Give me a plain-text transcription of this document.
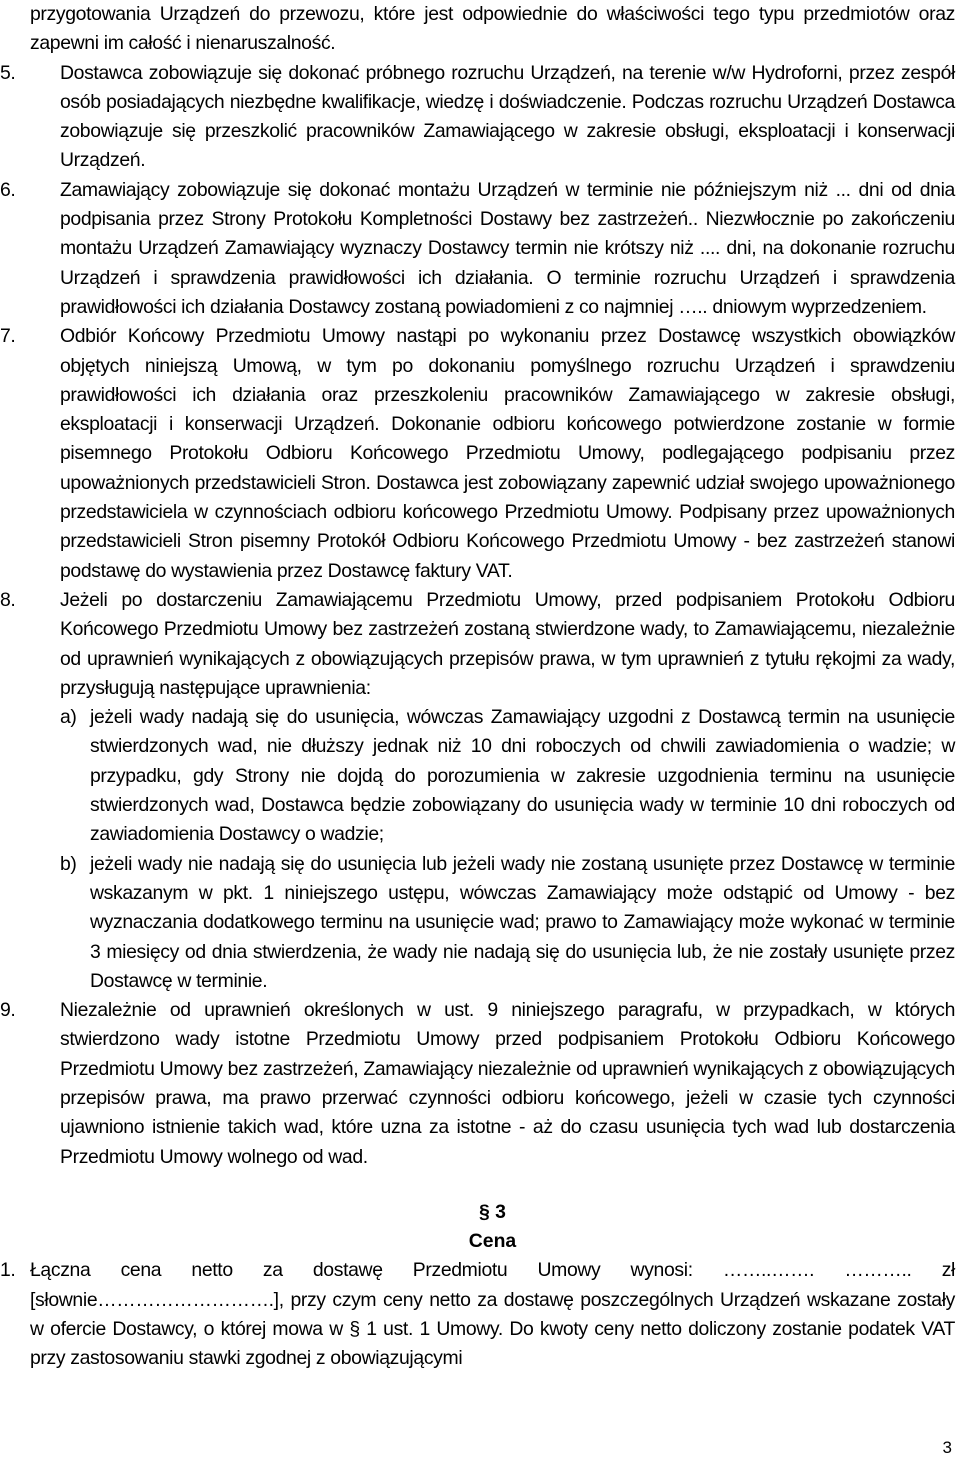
przygotowania Urządzeń do przewozu, które jest odpowiednie do właściwości tego typu przedmiotów oraz zapewni im całość i nienaruszalność.

5.	Dostawca zobowiązuje się dokonać próbnego rozruchu Urządzeń, na terenie w/w Hydroforni, przez zespół osób posiadających niezbędne kwalifikacje, wiedzę i doświadczenie. Podczas rozruchu Urządzeń Dostawca zobowiązuje się przeszkolić pracowników Zamawiającego w zakresie obsługi, eksploatacji i konserwacji Urządzeń.
6.	Zamawiający zobowiązuje się dokonać montażu Urządzeń w terminie nie późniejszym niż ... dni od dnia podpisania przez Strony Protokołu Kompletności Dostawy bez zastrzeżeń.. Niezwłocznie po zakończeniu montażu Urządzeń Zamawiający wyznaczy Dostawcy termin nie krótszy niż .... dni, na dokonanie rozruchu Urządzeń i sprawdzenia prawidłowości ich działania. O terminie rozruchu Urządzeń i sprawdzenia prawidłowości ich działania Dostawcy zostaną powiadomieni z co najmniej ….. dniowym wyprzedzeniem.
7.	Odbiór Końcowy Przedmiotu Umowy nastąpi po wykonaniu przez Dostawcę wszystkich obowiązków objętych niniejszą Umową, w tym po dokonaniu pomyślnego rozruchu Urządzeń i sprawdzeniu prawidłowości ich działania oraz przeszkoleniu pracowników Zamawiającego w zakresie obsługi, eksploatacji i konserwacji Urządzeń. Dokonanie odbioru końcowego potwierdzone zostanie w formie pisemnego Protokołu Odbioru Końcowego Przedmiotu Umowy, podlegającego podpisaniu przez upoważnionych przedstawicieli Stron. Dostawca jest zobowiązany zapewnić udział swojego upoważnionego przedstawiciela w czynnościach odbioru końcowego Przedmiotu Umowy. Podpisany przez upoważnionych przedstawicieli Stron pisemny Protokół Odbioru Końcowego Przedmiotu Umowy - bez zastrzeżeń stanowi podstawę do wystawienia przez Dostawcę faktury VAT.
8.	Jeżeli po dostarczeniu Zamawiającemu Przedmiotu Umowy, przed podpisaniem Protokołu Odbioru Końcowego Przedmiotu Umowy bez zastrzeżeń zostaną stwierdzone wady, to Zamawiającemu, niezależnie od uprawnień wynikających z obowiązujących przepisów prawa, w tym uprawnień z tytułu rękojmi za wady, przysługują następujące uprawnienia:

a) jeżeli wady nadają się do usunięcia, wówczas Zamawiający uzgodni z Dostawcą termin na usunięcie stwierdzonych wad, nie dłuższy jednak niż 10 dni roboczych od chwili zawiadomienia o wadzie; w przypadku, gdy Strony nie dojdą do porozumienia w zakresie uzgodnienia terminu na usunięcie stwierdzonych wad, Dostawca będzie zobowiązany do usunięcia wady w terminie 10 dni roboczych od zawiadomienia Dostawcy o wadzie;
b) jeżeli wady nie nadają się do usunięcia lub jeżeli wady nie zostaną usunięte przez Dostawcę w terminie wskazanym w pkt. 1 niniejszego ustępu, wówczas Zamawiający może odstąpić od Umowy - bez wyznaczania dodatkowego terminu na usunięcie wad; prawo to Zamawiający może wykonać w terminie 3 miesięcy od dnia stwierdzenia, że wady nie nadają się do usunięcia lub, że nie zostały usunięte przez Dostawcę w terminie.
9.	Niezależnie od uprawnień określonych w ust. 9 niniejszego paragrafu, w przypadkach, w których stwierdzono wady istotne Przedmiotu Umowy przed podpisaniem Protokołu Odbioru Końcowego Przedmiotu Umowy bez zastrzeżeń, Zamawiający niezależnie od uprawnień wynikających z obowiązujących przepisów prawa, ma prawo przerwać czynności odbioru końcowego, jeżeli w czasie tych czynności ujawniono istnienie takich wad, które uzna za istotne - aż do czasu usunięcia tych wad lub dostarczenia Przedmiotu Umowy wolnego od wad.

§ 3

Cena

1. Łączna cena netto za dostawę Przedmiotu Umowy wynosi: ……..……. ……….. zł [słownie……………………….], przy czym ceny netto za dostawę poszczególnych Urządzeń wskazane zostały w ofercie Dostawcy, o której mowa w § 1 ust. 1 Umowy. Do kwoty ceny netto doliczony zostanie podatek VAT przy zastosowaniu stawki zgodnej z obowiązującymi
3
